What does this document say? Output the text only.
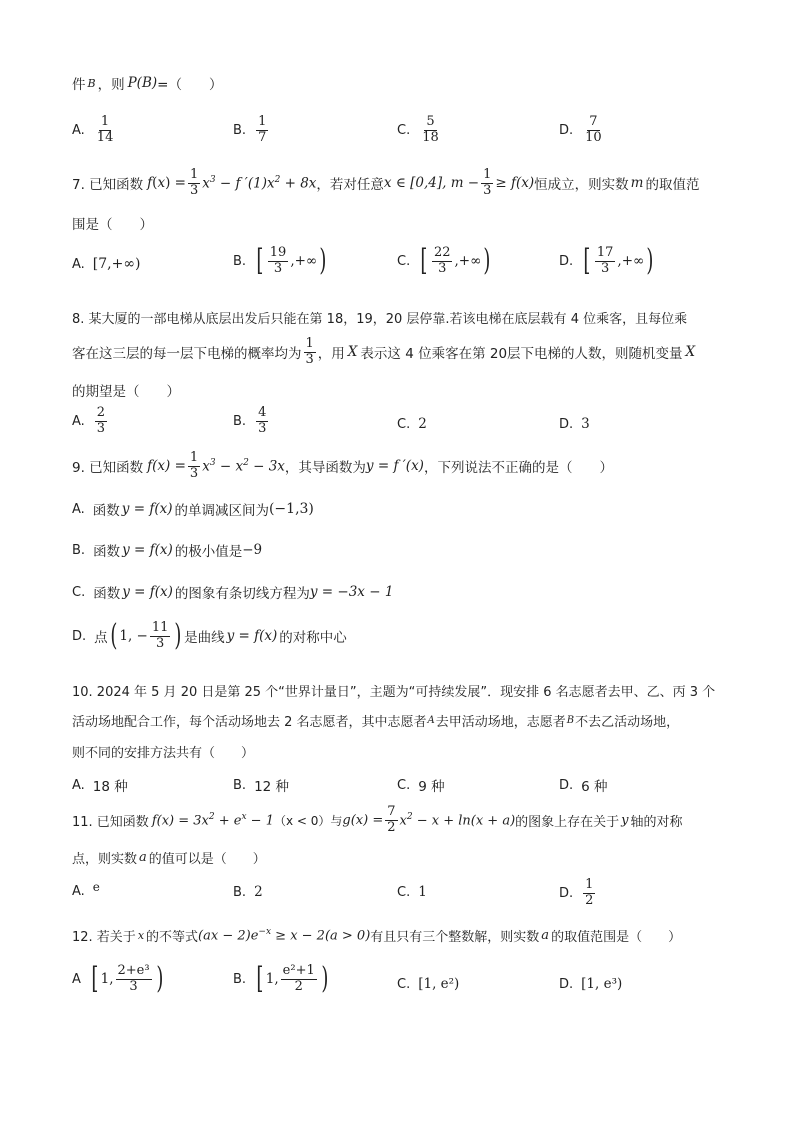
件 B ，则 P(B) =（　　）
A. $\frac{1}{14}$	B. $\frac{1}{7}$	C. $\frac{5}{18}$	D. $\frac{7}{10}$
7. 已知函数 f $(x) = \frac{1}{3} x^3 - f$ $'(1)x^2 + 8x$ ，若对任意 x ∈ [0,4], $m - \frac{1}{3} \ge f(x)$ 恒成立，则实数 m 的取值范
围是（　　）
A. [7,+∞)	B. [ $\frac{19}{3}$ ,+∞ )	C. [ $\frac{22}{3}$ ,+∞ )	D. [ $\frac{17}{3}$ ,+∞ )
8. 某大厦的一部电梯从底层出发后只能在第 18，19，20 层停靠.若该电梯在底层载有 4 位乘客，且每位乘
客在这三层的每一层下电梯的概率均为 $\frac{1}{3}$ ，用 X 表示这 4 位乘客在第 20层下电梯的人数，则随机变量 X
的期望是（　　）
A. $\frac{2}{3}$	B. $\frac{4}{3}$	C. 2	D. 3
9. 已知函数 $f(x) = \frac{1}{3} x^3 - x^2 - 3x$ ，其导函数为 y = f ′(x) ，下列说法不正确的是（　　）
A. 函数 y = f(x) 的单调减区间为 (−1,3)
B. 函数 y = f(x) 的极小值是 −9
C. 函数 y = f(x) 的图象有条切线方程为 y = −3x − 1
D. 点 ( 1, − $\frac{11}{3}$ ) 是曲线 y = f(x) 的对称中心
10. 2024 年 5 月 20 日是第 25 个“世界计量日”，主题为“可持续发展”．现安排 6 名志愿者去甲、乙、丙 3 个
活动场地配合工作，每个活动场地去 2 名志愿者，其中志愿者 A 去甲活动场地，志愿者 B 不去乙活动场地，
则不同的安排方法共有（　　）
A. 18 种	B. 12 种	C. 9 种	D. 6 种
11. 已知函数 $f(x) = 3x^2 + e^x - 1$ （x < 0）与 $g(x) = \frac{7}{2} x^2 - x + \ln(x + a)$ 的图象上存在关于 y 轴的对称
点，则实数 a 的值可以是（　　）
A. e	B. 2	C. 1	D. $\frac{1}{2}$
12. 若关于 x 的不等式 $(ax - 2)e^{-x} \ge x - 2(a > 0)$ 有且只有三个整数解，则实数 a 的取值范围是（　　）
A [ 1, $\frac{\text{2+e³}}{3}$ )	B. [ 1, $\frac{\text{e²+1}}{2}$ )	C. [1, e²)	D. [1, e³)
